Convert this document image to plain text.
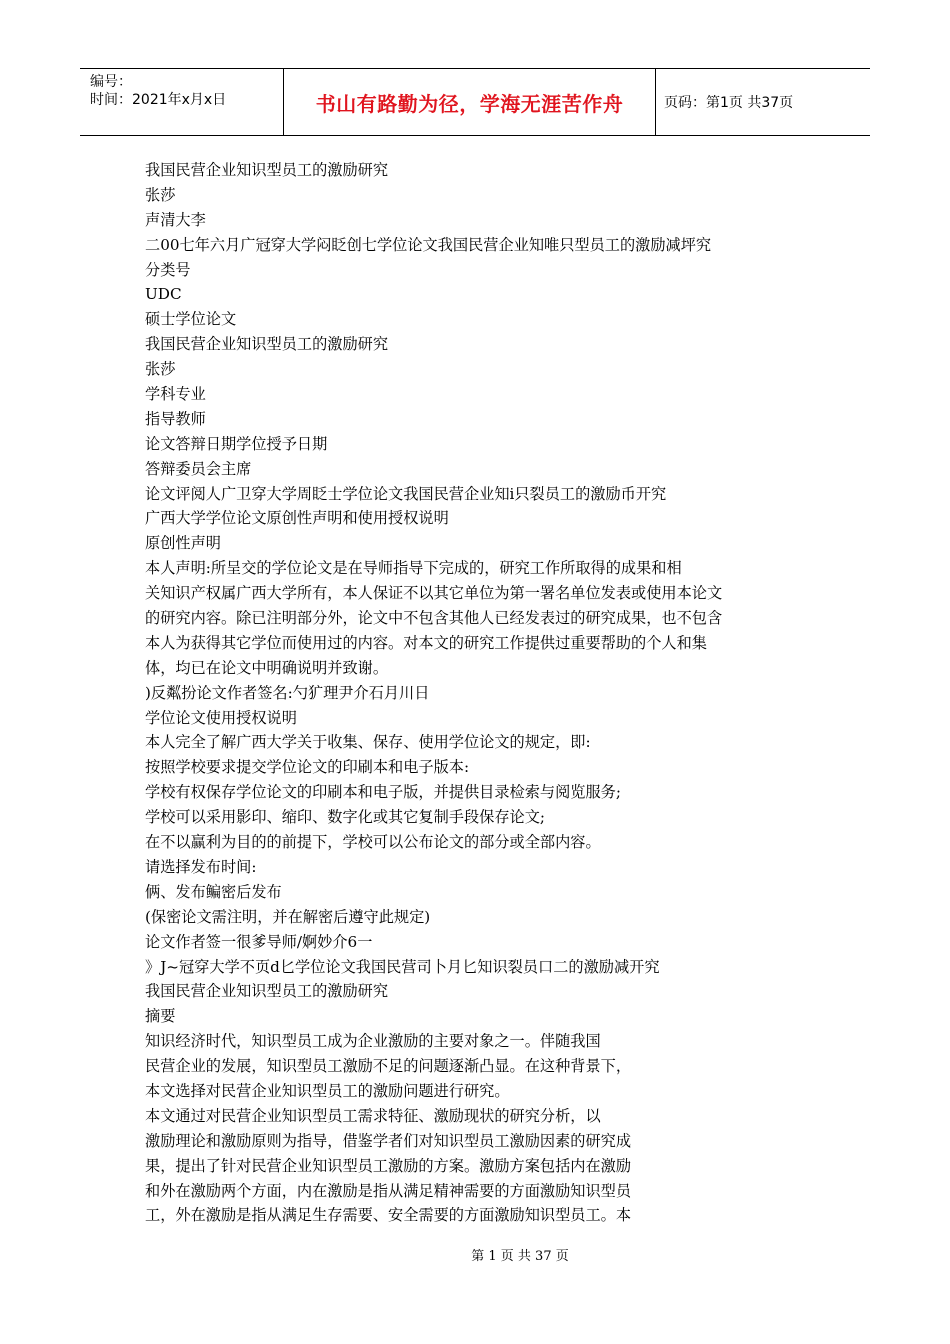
编号：
时间：2021年x月x日	书山有路勤为径，学海无涯苦作舟	页码：第1页 共37页
我国民营企业知识型员工的激励研究
张莎
声清大李
二00七年六月广冠穿大学闷眨创七学位论文我国民营企业知唯只型员工的激励减坪究
分类号
UDC
硕士学位论文
我国民营企业知识型员工的激励研究
张莎
学科专业
指导教师
论文答辩日期学位授予日期
答辩委员会主席
论文评阅人广卫穿大学周眨士学位论文我国民营企业知i只裂员工的激励币开究
广西大学学位论文原创性声明和使用授权说明
原创性声明
本人声明:所呈交的学位论文是在导师指导下完成的，研究工作所取得的成果和相
关知识产权属广西大学所有，本人保证不以其它单位为第一署名单位发表或使用本论文
的研究内容。除已注明部分外，论文中不包含其他人已经发表过的研究成果，也不包含
本人为获得其它学位而使用过的内容。对本文的研究工作提供过重要帮助的个人和集
体，均已在论文中明确说明并致谢。
)反粼扮论文作者签名:勺犷理尹介石月川日
学位论文使用授权说明
本人完全了解广西大学关于收集、保存、使用学位论文的规定，即:
按照学校要求提交学位论文的印刷本和电子版本:
学校有权保存学位论文的印刷本和电子版，并提供目录检索与阅览服务;
学校可以采用影印、缩印、数字化或其它复制手段保存论文;
在不以赢利为目的的前提下，学校可以公布论文的部分或全部内容。
请选择发布时间:
俩、发布鳊密后发布
(保密论文需注明，并在解密后遵守此规定)
论文作者签一很爹导师/婀妙介6一
》J~冠穿大学不页d匕学位论文我国民营司卜月匕知识裂员口二的激励减开究
我国民营企业知识型员工的激励研究
摘要
知识经济时代，知识型员工成为企业激励的主要对象之一。伴随我国
民营企业的发展，知识型员工激励不足的问题逐渐凸显。在这种背景下，
本文选择对民营企业知识型员工的激励问题进行研究。
本文通过对民营企业知识型员工需求特征、激励现状的研究分析，以
激励理论和激励原则为指导，借鉴学者们对知识型员工激励因素的研究成
果，提出了针对民营企业知识型员工激励的方案。激励方案包括内在激励
和外在激励两个方面，内在激励是指从满足精神需要的方面激励知识型员
工，外在激励是指从满足生存需要、安全需要的方面激励知识型员工。本
第 1 页 共 37 页
